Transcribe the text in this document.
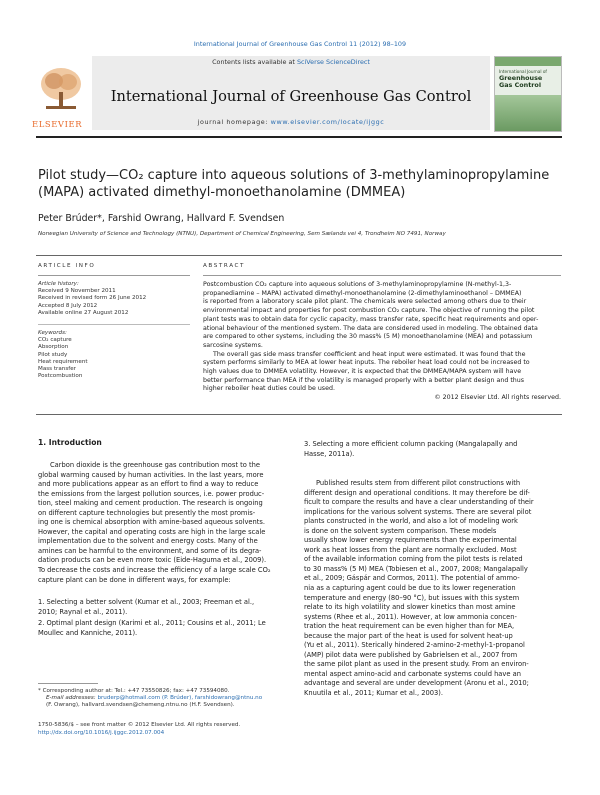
International Journal of Greenhouse Gas Control 11 (2012) 98–109
Contents lists available at SciVerse ScienceDirect
International Journal of Greenhouse Gas Control
journal homepage: www.elsevier.com/locate/ijggc
ELSEVIER
International Journal of
Greenhouse
Gas Control
Pilot study—CO₂ capture into aqueous solutions of 3-methylaminopropylamine
(MAPA) activated dimethyl-monoethanolamine (DMMEA)
Peter Brúder*, Farshid Owrang, Hallvard F. Svendsen
Norwegian University of Science and Technology (NTNU), Department of Chemical Engineering, Sem Sælands vei 4, Trondheim NO 7491, Norway
ARTICLE INFO
Article history:
Received 9 November 2011
Received in revised form 26 June 2012
Accepted 8 July 2012
Available online 27 August 2012
Keywords:
CO₂ capture
Absorption
Pilot study
Heat requirement
Mass transfer
Postcombustion
ABSTRACT
Postcombustion CO₂ capture into aqueous solutions of 3-methylaminopropylamine (N-methyl-1,3-
propanediamine – MAPA) activated dimethyl-monoethanolamine (2-dimethylaminoethanol – DMMEA)
is reported from a laboratory scale pilot plant. The chemicals were selected among others due to their
environmental impact and properties for post combustion CO₂ capture. The objective of running the pilot
plant tests was to obtain data for cyclic capacity, mass transfer rate, specific heat requirements and oper-
ational behaviour of the mentioned system. The data are considered used in modeling. The obtained data
are compared to other systems, including the 30 mass% (5 M) monoethanolamine (MEA) and potassium
sarcosine systems.
The overall gas side mass transfer coefficient and heat input were estimated. It was found that the
system performs similarly to MEA at lower heat inputs. The reboiler heat load could not be increased to
high values due to DMMEA volatility. However, it is expected that the DMMEA/MAPA system will have
better performance than MEA if the volatility is managed properly with a better plant design and thus
higher reboiler heat duties could be used.
© 2012 Elsevier Ltd. All rights reserved.
1. Introduction
Carbon dioxide is the greenhouse gas contribution most to the
global warming caused by human activities. In the last years, more
and more publications appear as an effort to find a way to reduce
the emissions from the largest pollution sources, i.e. power produc-
tion, steel making and cement production. The research is ongoing
on different capture technologies but presently the most promis-
ing one is chemical absorption with amine-based aqueous solvents.
However, the capital and operating costs are high in the large scale
implementation due to the solvent and energy costs. Many of the
amines can be harmful to the environment, and some of its degra-
dation products can be even more toxic (Eide-Haguma et al., 2009).
To decrease the costs and increase the efficiency of a large scale CO₂
capture plant can be done in different ways, for example:
1. Selecting a better solvent (Kumar et al., 2003; Freeman et al.,
2010; Raynal et al., 2011).
2. Optimal plant design (Karimi et al., 2011; Cousins et al., 2011; Le
Moullec and Kanniche, 2011).
* Corresponding author at: Tel.: +47 73550826; fax: +47 73594080.
E-mail addresses: bruderp@hotmail.com (P. Brúder), farshidowrang@ntnu.no
(F. Owrang), hallvard.svendsen@chemeng.ntnu.no (H.F. Svendsen).
1750-5836/$ – see front matter © 2012 Elsevier Ltd. All rights reserved.
http://dx.doi.org/10.1016/j.ijggc.2012.07.004
3. Selecting a more efficient column packing (Mangalapally and
Hasse, 2011a).
Published results stem from different pilot constructions with
different design and operational conditions. It may therefore be dif-
ficult to compare the results and have a clear understanding of their
implications for the various solvent systems. There are several pilot
plants constructed in the world, and also a lot of modeling work
is done on the solvent system comparison. These models
usually show lower energy requirements than the experimental
work as heat losses from the plant are normally excluded. Most
of the available information coming from the pilot tests is related
to 30 mass% (5 M) MEA (Tobiesen et al., 2007, 2008; Mangalapally
et al., 2009; Gáspár and Cormos, 2011). The potential of ammo-
nia as a capturing agent could be due to its lower regeneration
temperature and energy (80–90 °C), but issues with this system
relate to its high volatility and slower kinetics than most amine
systems (Rhee et al., 2011). However, at low ammonia concen-
tration the heat requirement can be even higher than for MEA,
because the major part of the heat is used for solvent heat-up
(Yu et al., 2011). Sterically hindered 2-amino-2-methyl-1-propanol
(AMP) pilot data were published by Gabrielsen et al., 2007 from
the same pilot plant as used in the present study. From an environ-
mental aspect amino-acid and carbonate systems could have an
advantage and several are under development (Aronu et al., 2010;
Knuutila et al., 2011; Kumar et al., 2003).
